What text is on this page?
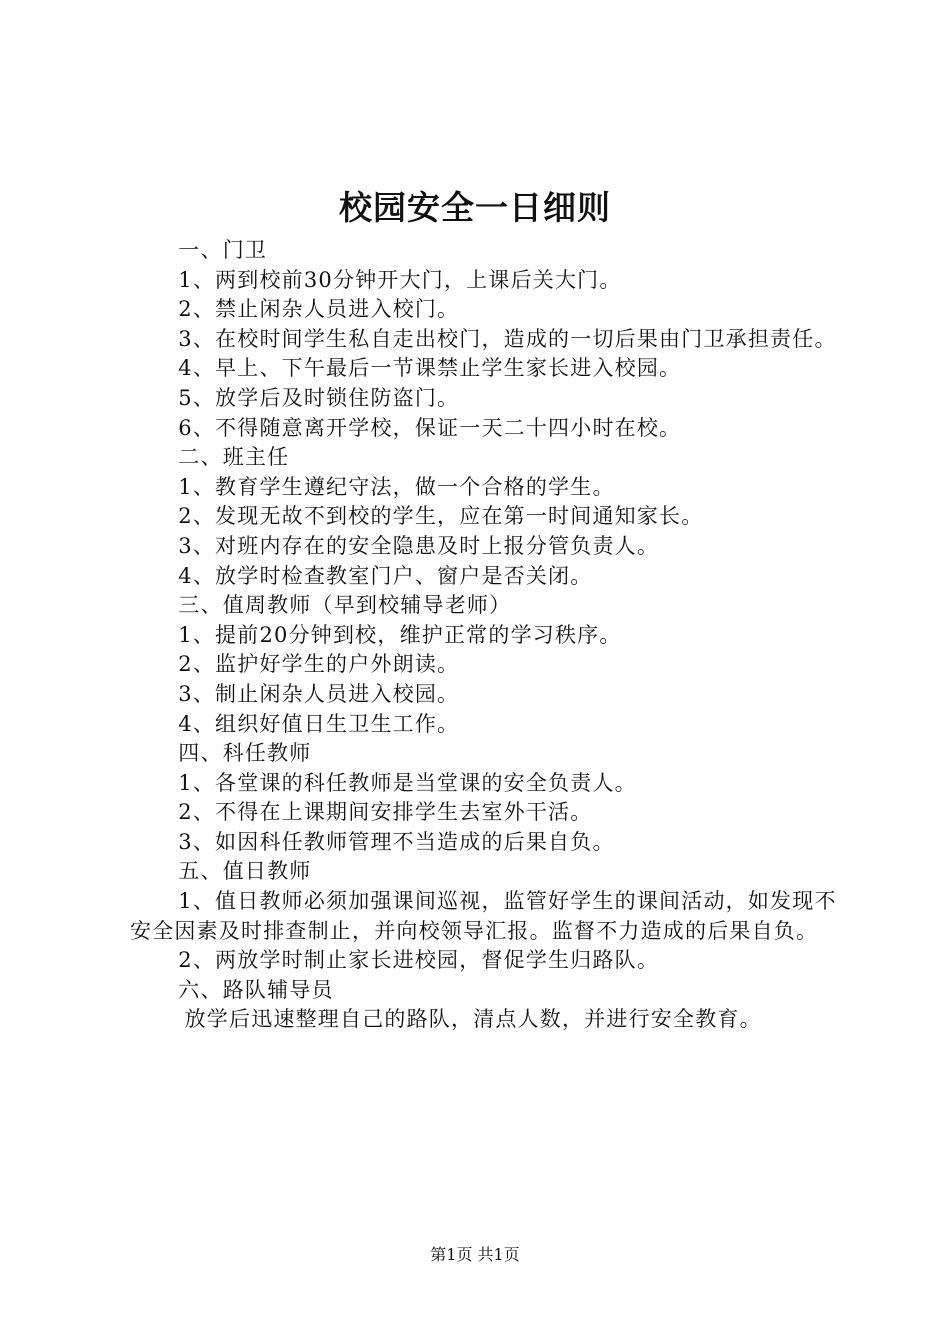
校园安全一日细则

一、门卫

1、两到校前30分钟开大门，上课后关大门。

2、禁止闲杂人员进入校门。

3、在校时间学生私自走出校门，造成的一切后果由门卫承担责任。

4、早上、下午最后一节课禁止学生家长进入校园。

5、放学后及时锁住防盗门。

6、不得随意离开学校，保证一天二十四小时在校。

二、班主任

1、教育学生遵纪守法，做一个合格的学生。

2、发现无故不到校的学生，应在第一时间通知家长。

3、对班内存在的安全隐患及时上报分管负责人。

4、放学时检查教室门户、窗户是否关闭。

三、值周教师（早到校辅导老师）

1、提前20分钟到校，维护正常的学习秩序。

2、监护好学生的户外朗读。

3、制止闲杂人员进入校园。

4、组织好值日生卫生工作。

四、科任教师

1、各堂课的科任教师是当堂课的安全负责人。

2、不得在上课期间安排学生去室外干活。

3、如因科任教师管理不当造成的后果自负。

五、值日教师

1、值日教师必须加强课间巡视，监管好学生的课间活动，如发现不安全因素及时排查制止，并向校领导汇报。监督不力造成的后果自负。

2、两放学时制止家长进校园，督促学生归路队。

六、路队辅导员

放学后迅速整理自己的路队，清点人数，并进行安全教育。

第1页 共1页
